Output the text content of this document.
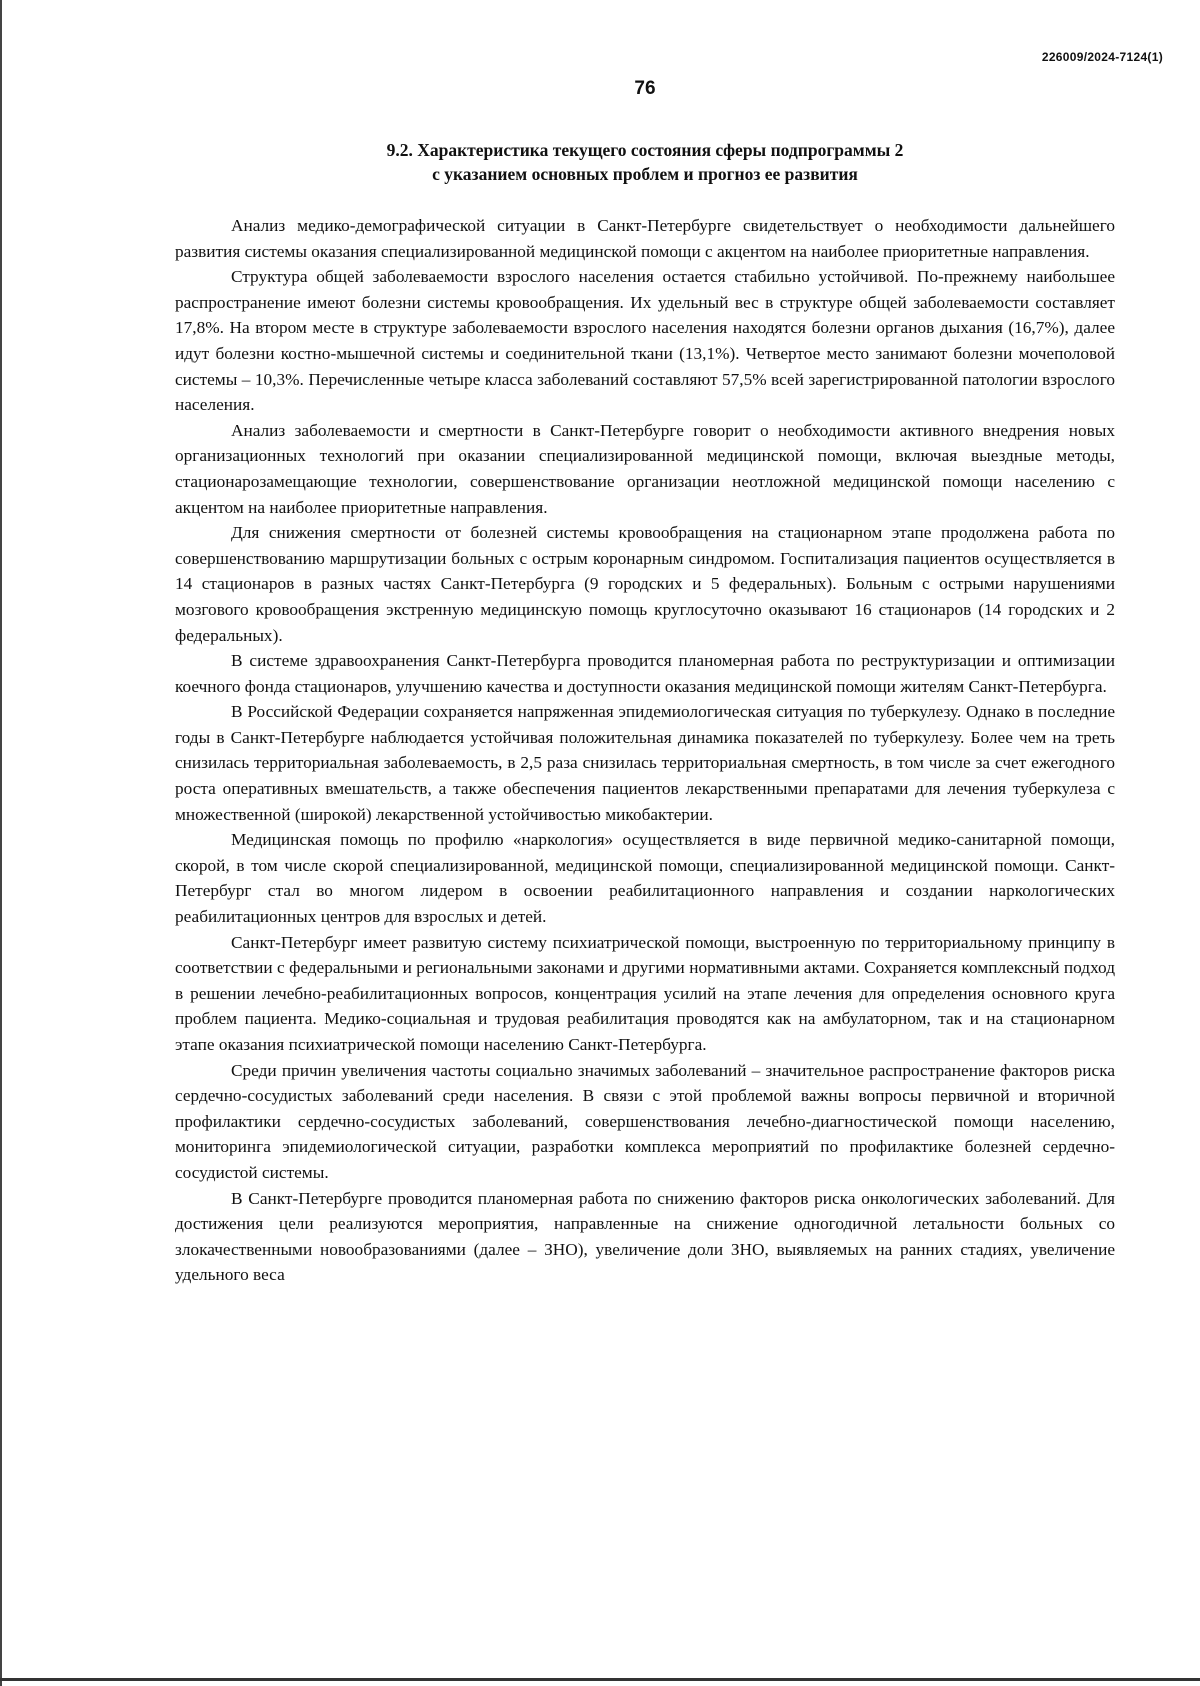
226009/2024-7124(1)
76
9.2. Характеристика текущего состояния сферы подпрограммы 2
с указанием основных проблем и прогноз ее развития

Анализ медико-демографической ситуации в Санкт-Петербурге свидетельствует о необходимости дальнейшего развития системы оказания специализированной медицинской помощи с акцентом на наиболее приоритетные направления.

Структура общей заболеваемости взрослого населения остается стабильно устойчивой. По-прежнему наибольшее распространение имеют болезни системы кровообращения. Их удельный вес в структуре общей заболеваемости составляет 17,8%. На втором месте в структуре заболеваемости взрослого населения находятся болезни органов дыхания (16,7%), далее идут болезни костно-мышечной системы и соединительной ткани (13,1%). Четвертое место занимают болезни мочеполовой системы – 10,3%. Перечисленные четыре класса заболеваний составляют 57,5% всей зарегистрированной патологии взрослого населения.

Анализ заболеваемости и смертности в Санкт-Петербурге говорит о необходимости активного внедрения новых организационных технологий при оказании специализированной медицинской помощи, включая выездные методы, стационарозамещающие технологии, совершенствование организации неотложной медицинской помощи населению с акцентом на наиболее приоритетные направления.

Для снижения смертности от болезней системы кровообращения на стационарном этапе продолжена работа по совершенствованию маршрутизации больных с острым коронарным синдромом. Госпитализация пациентов осуществляется в 14 стационаров в разных частях Санкт-Петербурга (9 городских и 5 федеральных). Больным с острыми нарушениями мозгового кровообращения экстренную медицинскую помощь круглосуточно оказывают 16 стационаров (14 городских и 2 федеральных).

В системе здравоохранения Санкт-Петербурга проводится планомерная работа по реструктуризации и оптимизации коечного фонда стационаров, улучшению качества и доступности оказания медицинской помощи жителям Санкт-Петербурга.

В Российской Федерации сохраняется напряженная эпидемиологическая ситуация по туберкулезу. Однако в последние годы в Санкт-Петербурге наблюдается устойчивая положительная динамика показателей по туберкулезу. Более чем на треть снизилась территориальная заболеваемость, в 2,5 раза снизилась территориальная смертность, в том числе за счет ежегодного роста оперативных вмешательств, а также обеспечения пациентов лекарственными препаратами для лечения туберкулеза с множественной (широкой) лекарственной устойчивостью микобактерии.

Медицинская помощь по профилю «наркология» осуществляется в виде первичной медико-санитарной помощи, скорой, в том числе скорой специализированной, медицинской помощи, специализированной медицинской помощи. Санкт-Петербург стал во многом лидером в освоении реабилитационного направления и создании наркологических реабилитационных центров для взрослых и детей.

Санкт-Петербург имеет развитую систему психиатрической помощи, выстроенную по территориальному принципу в соответствии с федеральными и региональными законами и другими нормативными актами. Сохраняется комплексный подход в решении лечебно-реабилитационных вопросов, концентрация усилий на этапе лечения для определения основного круга проблем пациента. Медико-социальная и трудовая реабилитация проводятся как на амбулаторном, так и на стационарном этапе оказания психиатрической помощи населению Санкт-Петербурга.

Среди причин увеличения частоты социально значимых заболеваний – значительное распространение факторов риска сердечно-сосудистых заболеваний среди населения. В связи с этой проблемой важны вопросы первичной и вторичной профилактики сердечно-сосудистых заболеваний, совершенствования лечебно-диагностической помощи населению, мониторинга эпидемиологической ситуации, разработки комплекса мероприятий по профилактике болезней сердечно-сосудистой системы.

В Санкт-Петербурге проводится планомерная работа по снижению факторов риска онкологических заболеваний. Для достижения цели реализуются мероприятия, направленные на снижение одногодичной летальности больных со злокачественными новообразованиями (далее – ЗНО), увеличение доли ЗНО, выявляемых на ранних стадиях, увеличение удельного веса
